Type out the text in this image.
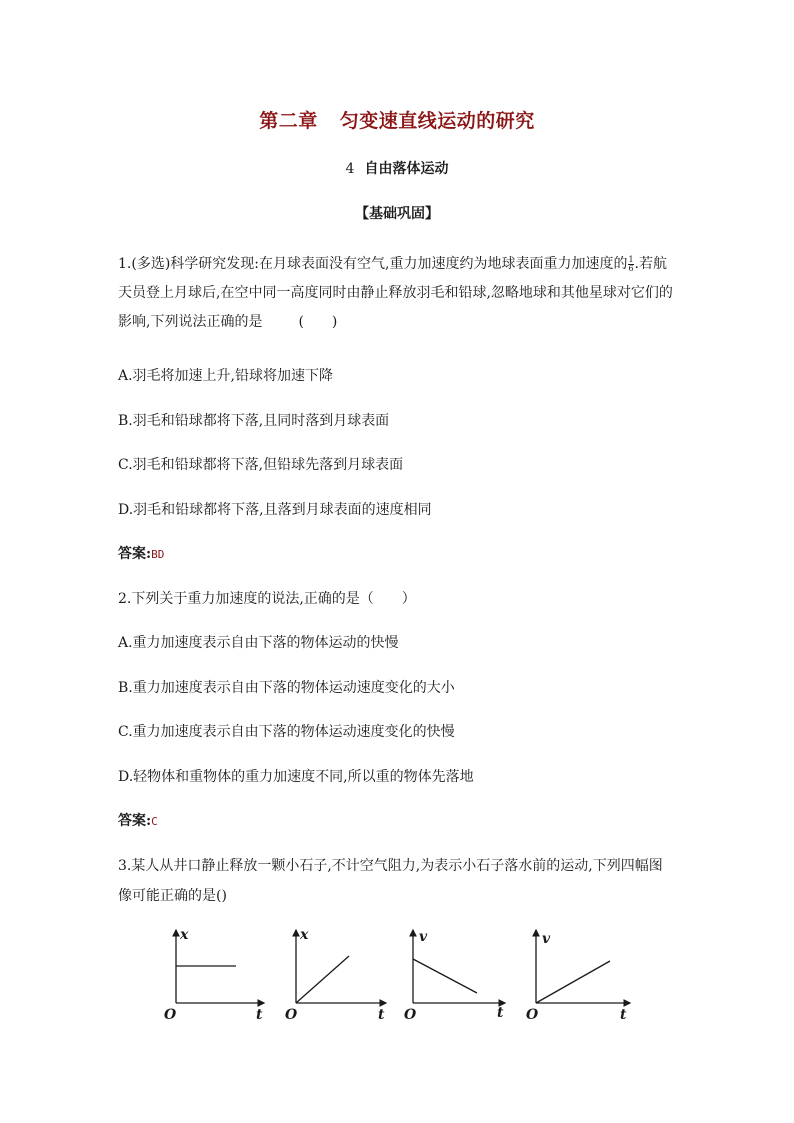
第二章 匀变速直线运动的研究
4 自由落体运动
【基础巩固】
1.(多选)科学研究发现:在月球表面没有空气,重力加速度约为地球表面重力加速度的 $\frac{1}{6}$ .若航天员登上月球后,在空中同一高度同时由静止释放羽毛和铅球,忽略地球和其他星球对它们的影响,下列说法正确的是	(　　)
A.羽毛将加速上升,铅球将加速下降
B.羽毛和铅球都将下落,且同时落到月球表面
C.羽毛和铅球都将下落,但铅球先落到月球表面
D.羽毛和铅球都将下落,且落到月球表面的速度相同
答案:BD
2.下列关于重力加速度的说法,正确的是（　　）
A.重力加速度表示自由下落的物体运动的快慢
B.重力加速度表示自由下落的物体运动速度变化的大小
C.重力加速度表示自由下落的物体运动速度变化的快慢
D.轻物体和重物体的重力加速度不同,所以重的物体先落地
答案:C
3.某人从井口静止释放一颗小石子,不计空气阻力,为表示小石子落水前的运动,下列四幅图
像可能正确的是()
x
O	t
x
O	t
v
O	t
v
O	t
